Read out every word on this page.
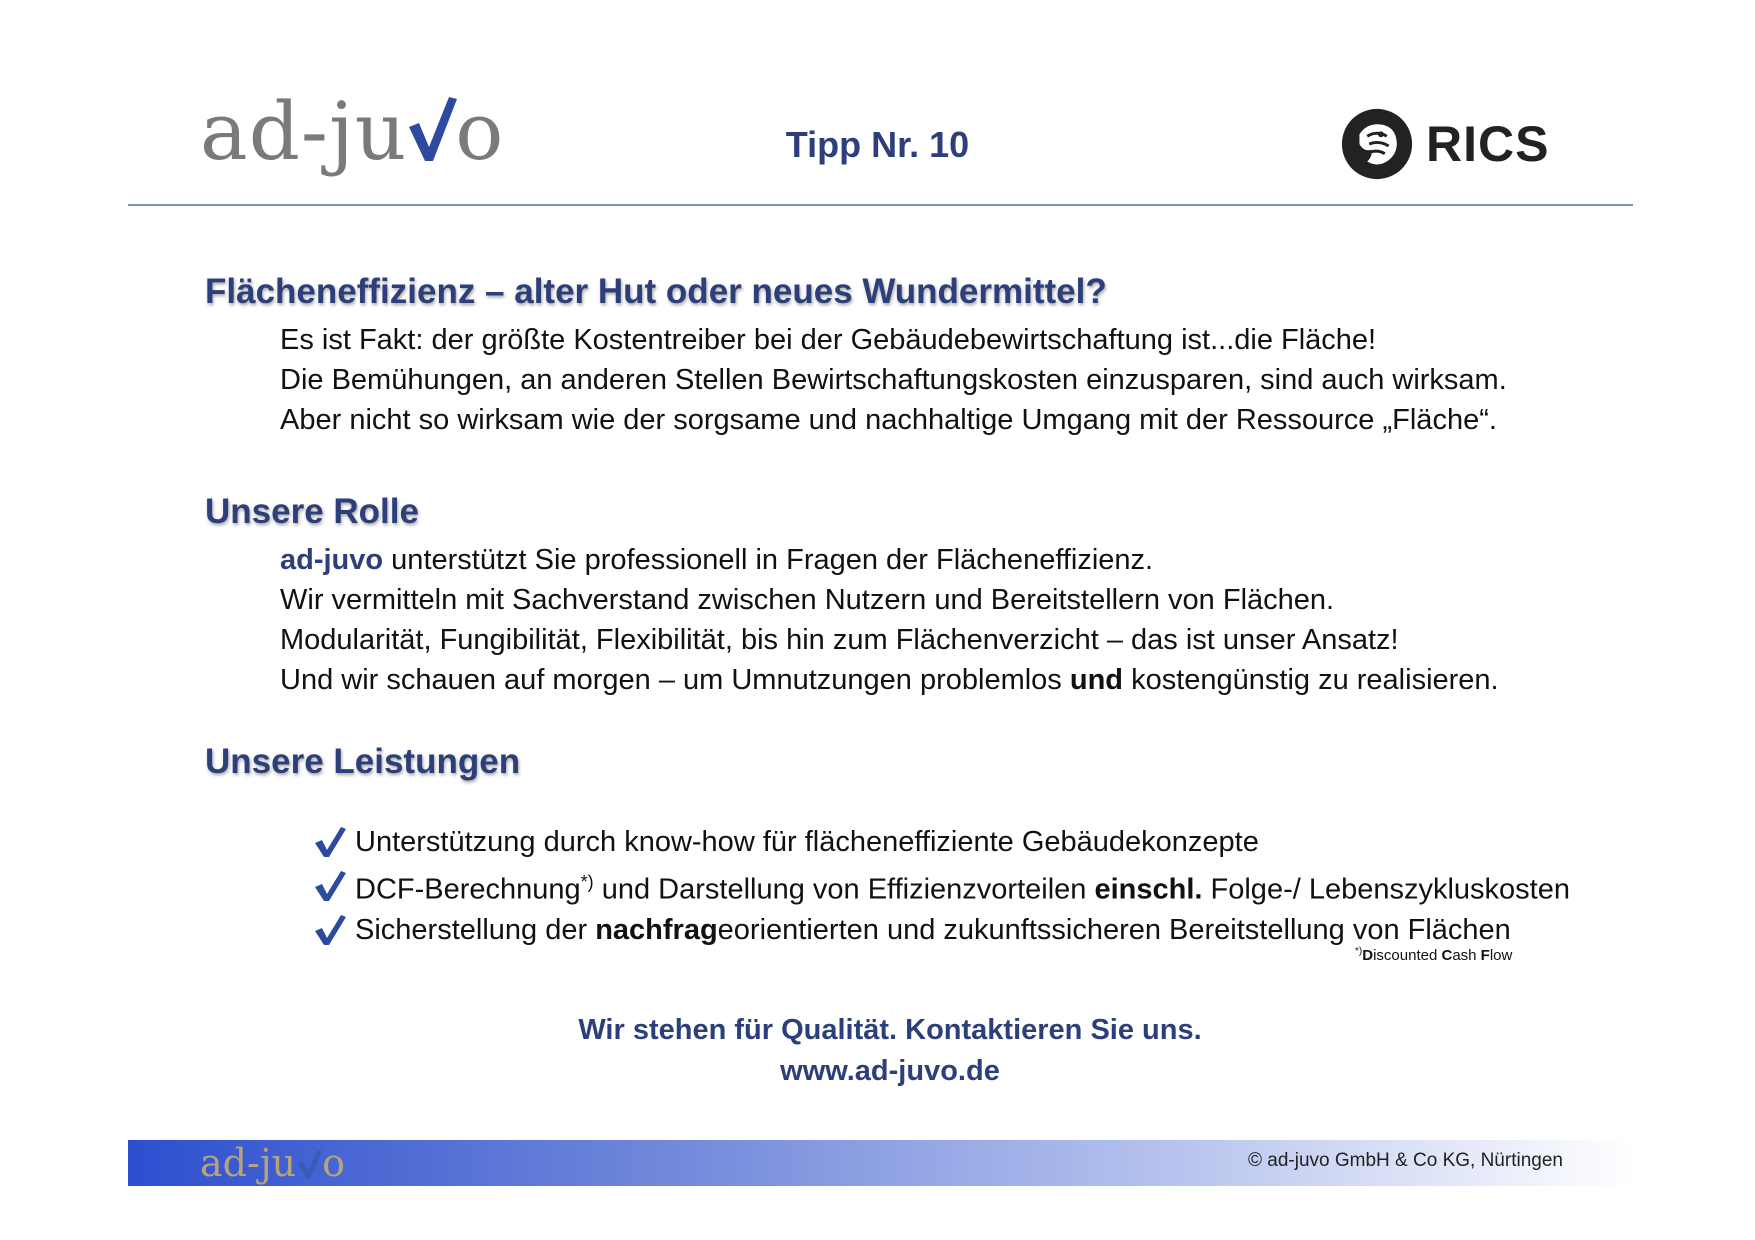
ad-ju o	Tipp Nr. 10	RICS
Flächeneffizienz – alter Hut oder neues Wundermittel?
Es ist Fakt: der größte Kostentreiber bei der Gebäudebewirtschaftung ist...die Fläche!
Die Bemühungen, an anderen Stellen Bewirtschaftungskosten einzusparen, sind auch wirksam.
Aber nicht so wirksam wie der sorgsame und nachhaltige Umgang mit der Ressource „Fläche“.
Unsere Rolle
ad-juvo unterstützt Sie professionell in Fragen der Flächeneffizienz.
Wir vermitteln mit Sachverstand zwischen Nutzern und Bereitstellern von Flächen.
Modularität, Fungibilität, Flexibilität, bis hin zum Flächenverzicht – das ist unser Ansatz!
Und wir schauen auf morgen – um Umnutzungen problemlos und kostengünstig zu realisieren.
Unsere Leistungen
Unterstützung durch know-how für flächeneffiziente Gebäudekonzepte
DCF-Berechnung*) und Darstellung von Effizienzvorteilen einschl. Folge-/ Lebenszykluskosten
Sicherstellung der nachfrageorientierten und zukunftssicheren Bereitstellung von Flächen
*)Discounted Cash Flow
Wir stehen für Qualität. Kontaktieren Sie uns.
www.ad-juvo.de
ad-ju o	© ad-juvo GmbH & Co KG, Nürtingen
